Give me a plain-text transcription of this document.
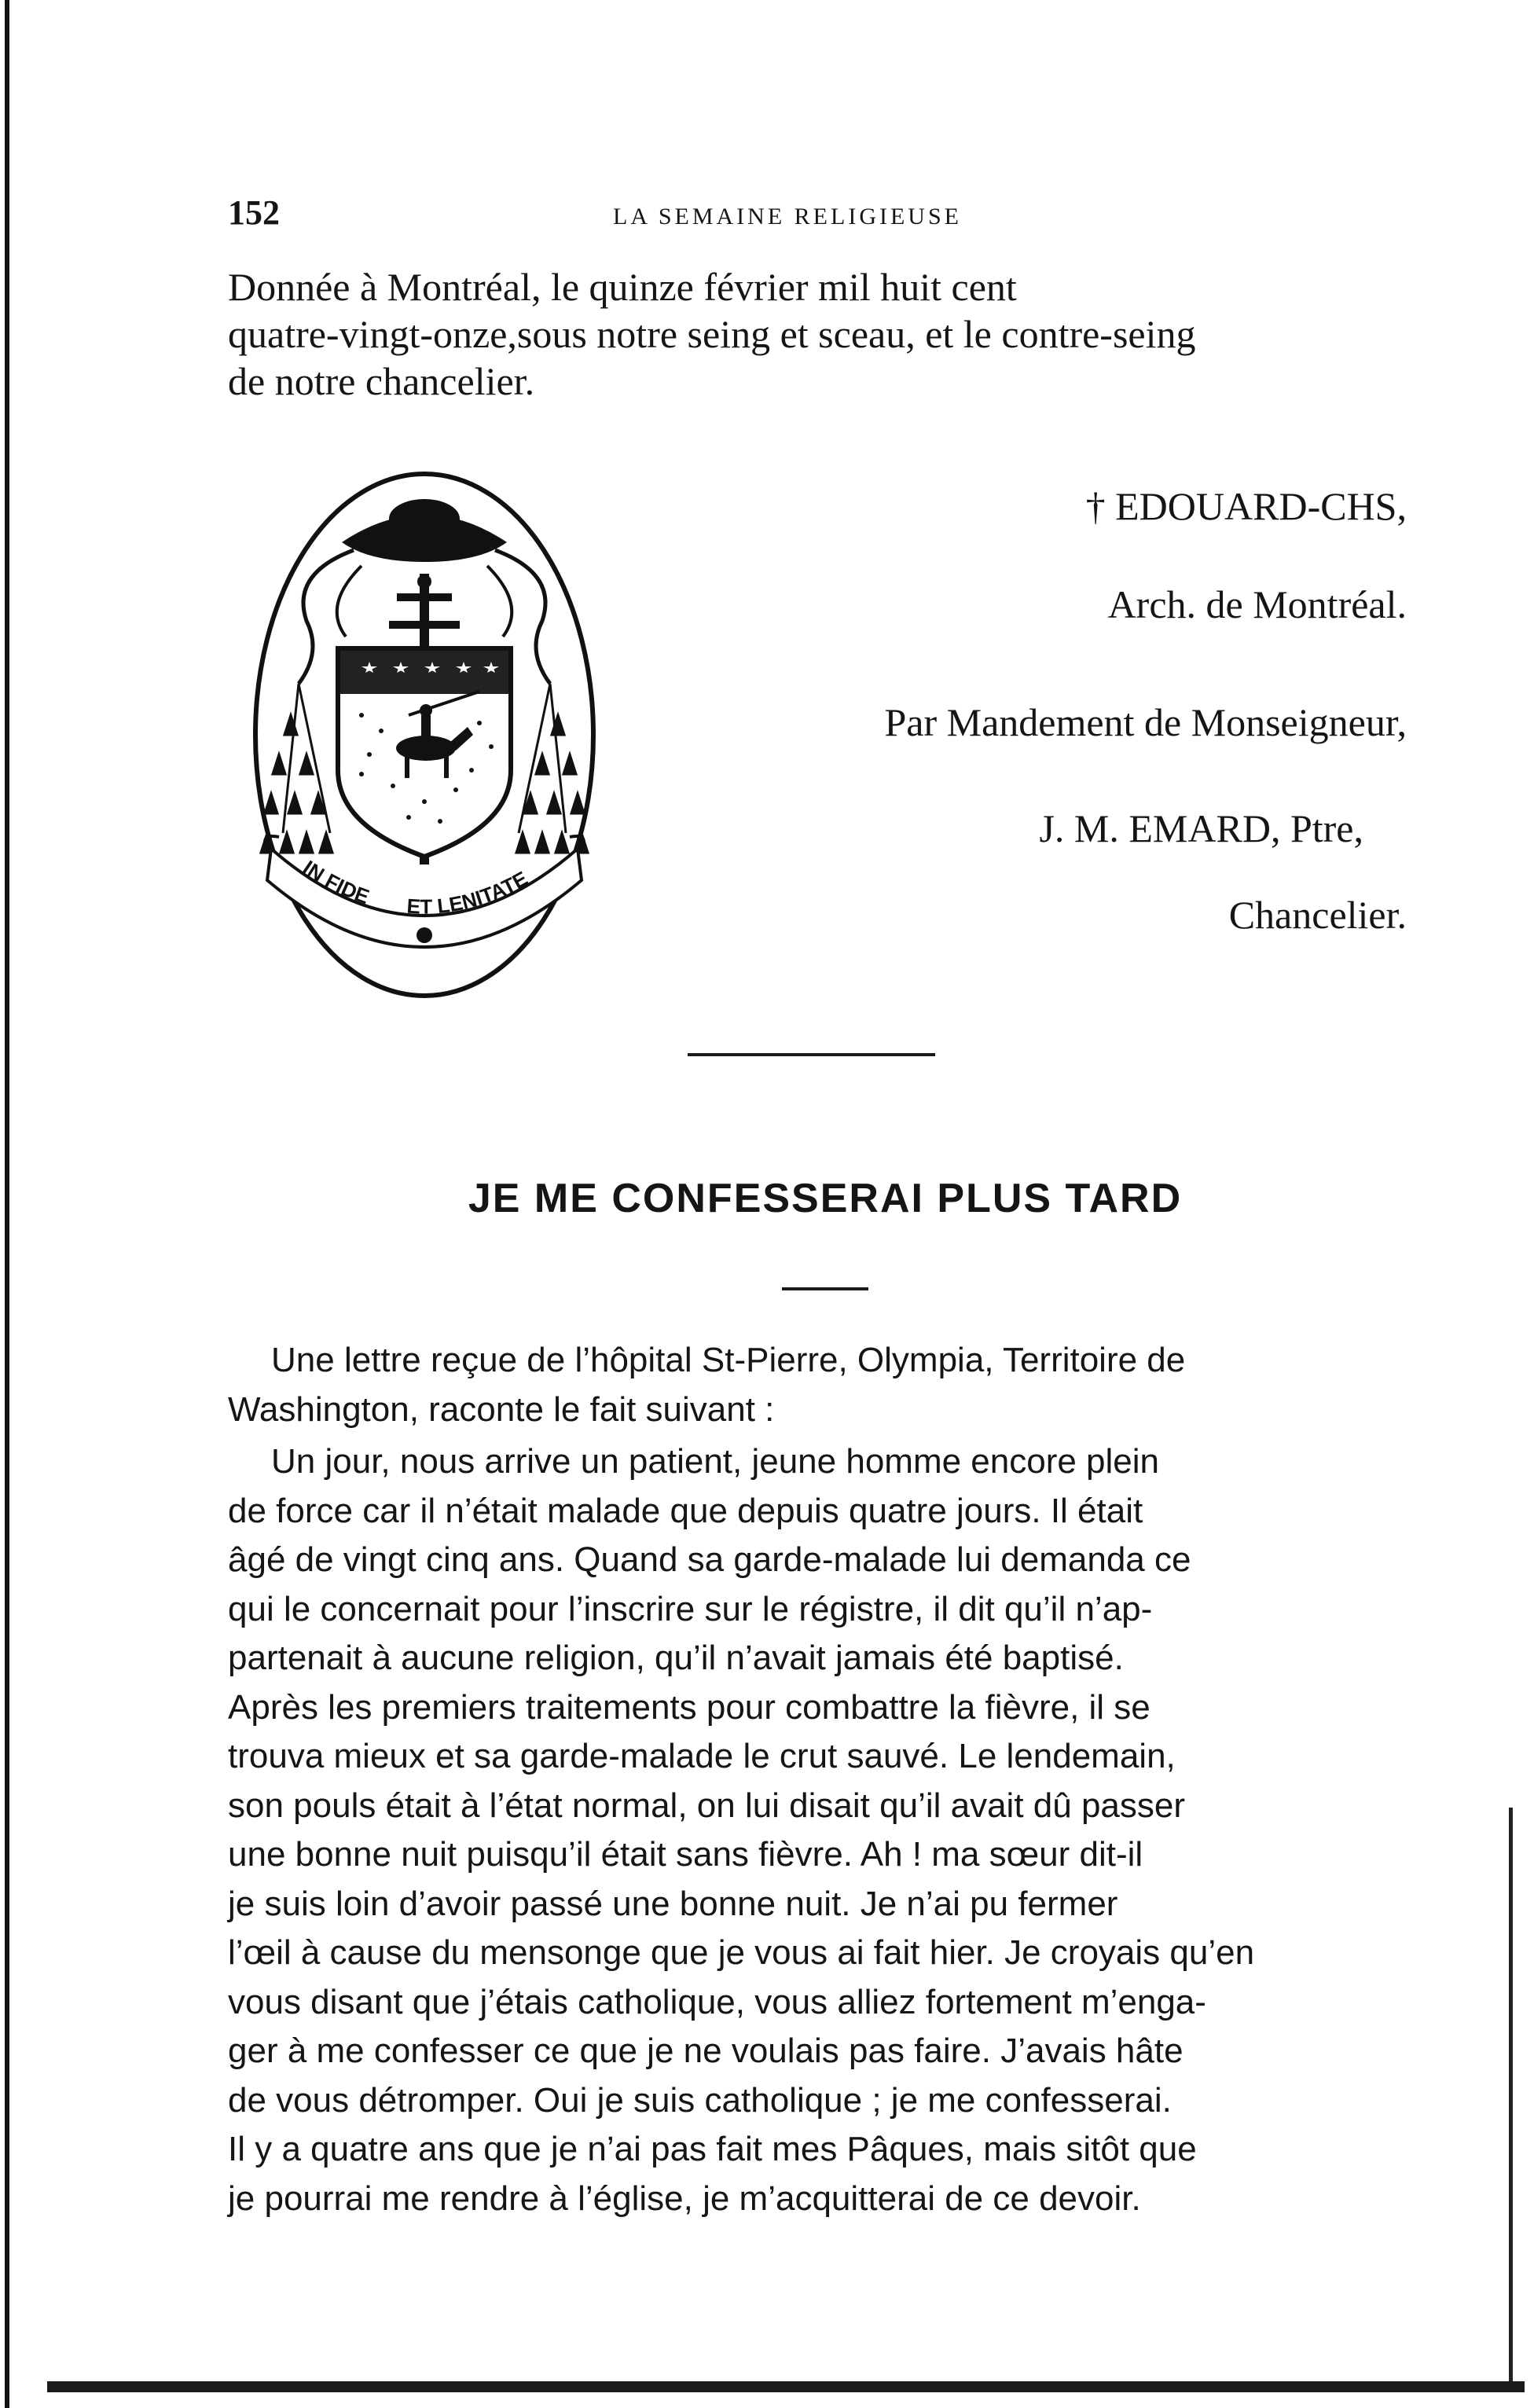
152	LA SEMAINE RELIGIEUSE
Donnée à Montréal, le quinze février mil huit cent
quatre-vingt-onze,sous notre seing et sceau, et le contre-seing
de notre chancelier.
IN FIDE ET LENITATE
† EDOUARD-CHS,
Arch. de Montréal.
Par Mandement de Monseigneur,
J. M. EMARD, Ptre,
Chancelier.
JE ME CONFESSERAI PLUS TARD
Une lettre reçue de l’hôpital St-Pierre, Olympia, Territoire de
Washington, raconte le fait suivant :
Un jour, nous arrive un patient, jeune homme encore plein
de force car il n’était malade que depuis quatre jours. Il était
âgé de vingt cinq ans. Quand sa garde-malade lui demanda ce
qui le concernait pour l’inscrire sur le régistre, il dit qu’il n’ap-
partenait à aucune religion, qu’il n’avait jamais été baptisé.
Après les premiers traitements pour combattre la fièvre, il se
trouva mieux et sa garde-malade le crut sauvé. Le lendemain,
son pouls était à l’état normal, on lui disait qu’il avait dû passer
une bonne nuit puisqu’il était sans fièvre. Ah ! ma sœur dit-il
je suis loin d’avoir passé une bonne nuit. Je n’ai pu fermer
l’œil à cause du mensonge que je vous ai fait hier. Je croyais qu’en
vous disant que j’étais catholique, vous alliez fortement m’enga-
ger à me confesser ce que je ne voulais pas faire. J’avais hâte
de vous détromper. Oui je suis catholique ; je me confesserai.
Il y a quatre ans que je n’ai pas fait mes Pâques, mais sitôt que
je pourrai me rendre à l’église, je m’acquitterai de ce devoir.
